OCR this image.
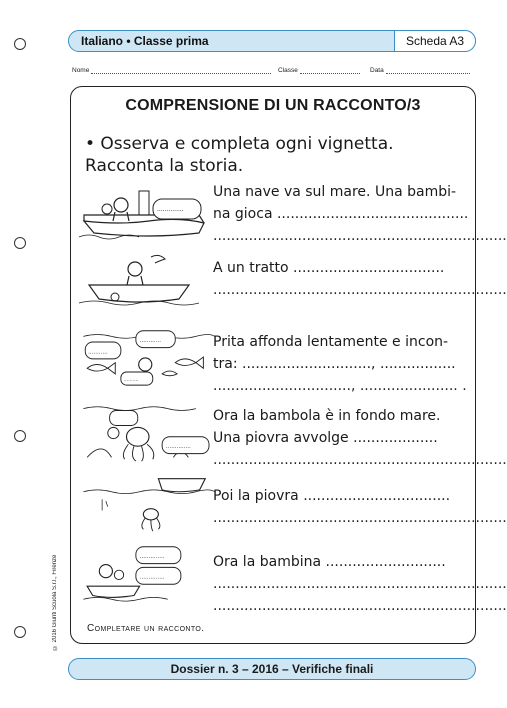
Italiano • Classe prima	Scheda A3
Nome	Classe	Data
COMPRENSIONE DI UN RACCONTO/3
• Osserva e completa ogni vignetta.
Racconta la storia.
..............
Una nave va sul mare. Una bambi-
na gioca ...........................................
..................................................................
A un tratto ..................................
..................................................................
...........
............
..........
Prita affonda lentamente e incon-
tra: ............................., .................
..............................., ...................... .
..............
Ora la bambola è in fondo mare.
Una piovra avvolge ...................
..................................................................
Poi la piovra .................................
..................................................................
..............
..............
Ora la bambina ...........................
..................................................................
..................................................................
Completare un racconto.
© 2016 Giunti Scuola S.r.l., Firenze
Dossier n. 3 – 2016 – Verifiche finali
